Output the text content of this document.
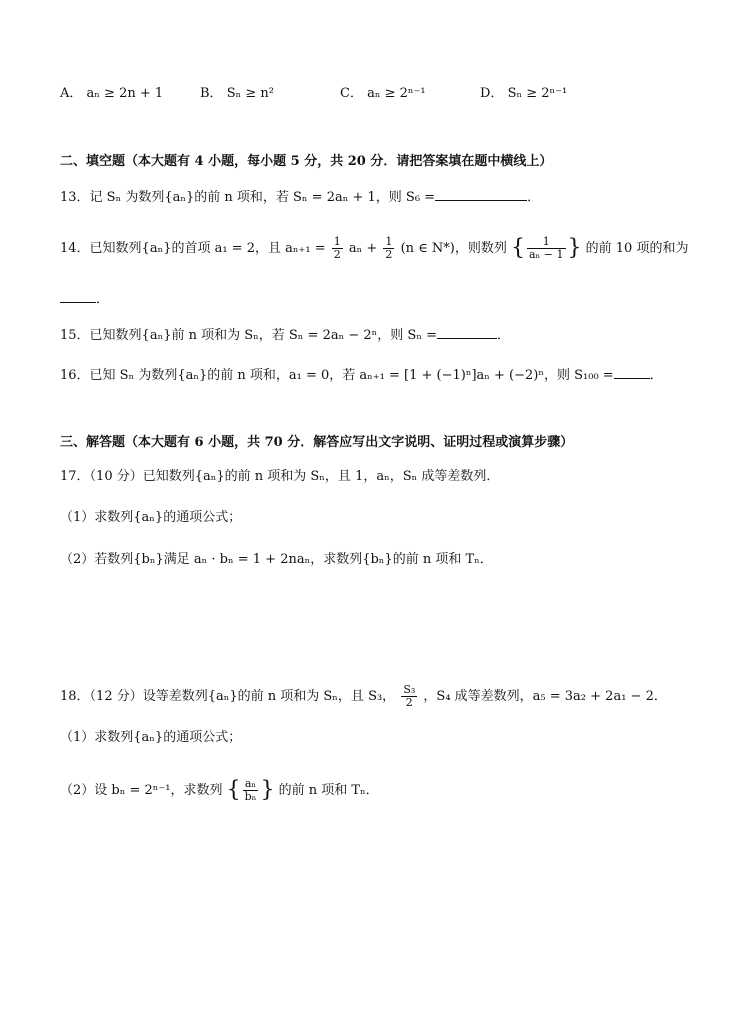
A． aₙ ≥ 2n + 1	B． Sₙ ≥ n²	C． aₙ ≥ 2ⁿ⁻¹	D． Sₙ ≥ 2ⁿ⁻¹
二、填空题（本大题有 4 小题，每小题 5 分，共 20 分．请把答案填在题中横线上）
13．记 Sₙ 为数列{aₙ}的前 n 项和，若 Sₙ = 2aₙ + 1，则 S₆ =	．
14．已知数列{aₙ}的首项 a₁ = 2，且 $a_{n+1} = \frac{1}{2}$ $a_n + \frac{1}{2} (n$ ∈ N*)，则数列 { $\frac{1}{\text{aₙ − 1}}$ } 的前 10 项的和为
．
15．已知数列{aₙ}前 n 项和为 Sₙ，若 Sₙ = 2aₙ − 2ⁿ，则 Sₙ =	．
16．已知 Sₙ 为数列{aₙ}的前 n 项和，a₁ = 0，若 aₙ₊₁ = [1 + (−1)ⁿ]aₙ + (−2)ⁿ，则 S₁₀₀ =	．
三、解答题（本大题有 6 小题，共 70 分．解答应写出文字说明、证明过程或演算步骤）
17．（10 分）已知数列{aₙ}的前 n 项和为 Sₙ，且 1，aₙ，Sₙ 成等差数列．
（1）求数列{aₙ}的通项公式；
（2）若数列{bₙ}满足 aₙ · bₙ = 1 + 2naₙ，求数列{bₙ}的前 n 项和 Tₙ．
18．（12 分）设等差数列{aₙ}的前 n 项和为 Sₙ，且 S₃， $\frac{\text{S₃}}{2}$ ，S₄ 成等差数列，a₅ = 3a₂ + 2a₁ − 2．
（1）求数列{aₙ}的通项公式；
（2）设 bₙ = 2ⁿ⁻¹，求数列 { $\frac{\text{aₙ}}{\text{bₙ}}$ } 的前 n 项和 Tₙ．
